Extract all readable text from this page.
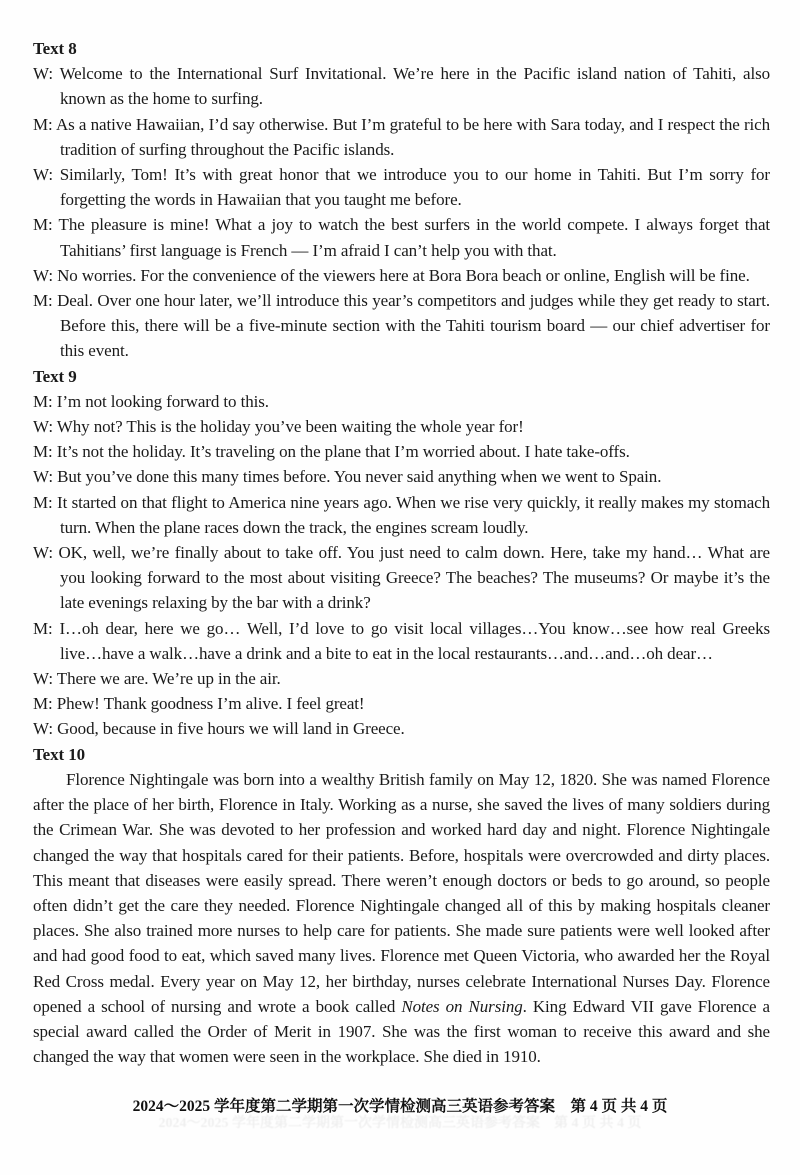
Text 8
W: Welcome to the International Surf Invitational. We’re here in the Pacific island nation of Tahiti, also known as the home to surfing.
M: As a native Hawaiian, I’d say otherwise. But I’m grateful to be here with Sara today, and I respect the rich tradition of surfing throughout the Pacific islands.
W: Similarly, Tom! It’s with great honor that we introduce you to our home in Tahiti. But I’m sorry for forgetting the words in Hawaiian that you taught me before.
M: The pleasure is mine! What a joy to watch the best surfers in the world compete. I always forget that Tahitians’ first language is French — I’m afraid I can’t help you with that.
W: No worries. For the convenience of the viewers here at Bora Bora beach or online, English will be fine.
M: Deal. Over one hour later, we’ll introduce this year’s competitors and judges while they get ready to start. Before this, there will be a five-minute section with the Tahiti tourism board — our chief advertiser for this event.
Text 9
M: I’m not looking forward to this.
W: Why not? This is the holiday you’ve been waiting the whole year for!
M: It’s not the holiday. It’s traveling on the plane that I’m worried about. I hate take-offs.
W: But you’ve done this many times before. You never said anything when we went to Spain.
M: It started on that flight to America nine years ago. When we rise very quickly, it really makes my stomach turn. When the plane races down the track, the engines scream loudly.
W: OK, well, we’re finally about to take off. You just need to calm down. Here, take my hand… What are you looking forward to the most about visiting Greece? The beaches? The museums? Or maybe it’s the late evenings relaxing by the bar with a drink?
M: I…oh dear, here we go… Well, I’d love to go visit local villages…You know…see how real Greeks live…have a walk…have a drink and a bite to eat in the local restaurants…and…and…oh dear…
W: There we are. We’re up in the air.
M: Phew! Thank goodness I’m alive. I feel great!
W: Good, because in five hours we will land in Greece.
Text 10
Florence Nightingale was born into a wealthy British family on May 12, 1820. She was named Florence after the place of her birth, Florence in Italy. Working as a nurse, she saved the lives of many soldiers during the Crimean War. She was devoted to her profession and worked hard day and night. Florence Nightingale changed the way that hospitals cared for their patients. Before, hospitals were overcrowded and dirty places. This meant that diseases were easily spread. There weren’t enough doctors or beds to go around, so people often didn’t get the care they needed. Florence Nightingale changed all of this by making hospitals cleaner places. She also trained more nurses to help care for patients. She made sure patients were well looked after and had good food to eat, which saved many lives. Florence met Queen Victoria, who awarded her the Royal Red Cross medal. Every year on May 12, her birthday, nurses celebrate International Nurses Day. Florence opened a school of nursing and wrote a book called Notes on Nursing. King Edward VII gave Florence a special award called the Order of Merit in 1907. She was the first woman to receive this award and she changed the way that women were seen in the workplace. She died in 1910.
2024～2025 学年度第二学期第一次学情检测高三英语参考答案　第 4 页 共 4 页
2024～2025 学年度第二学期第一次学情检测高三英语参考答案　第 4 页 共 4 页
